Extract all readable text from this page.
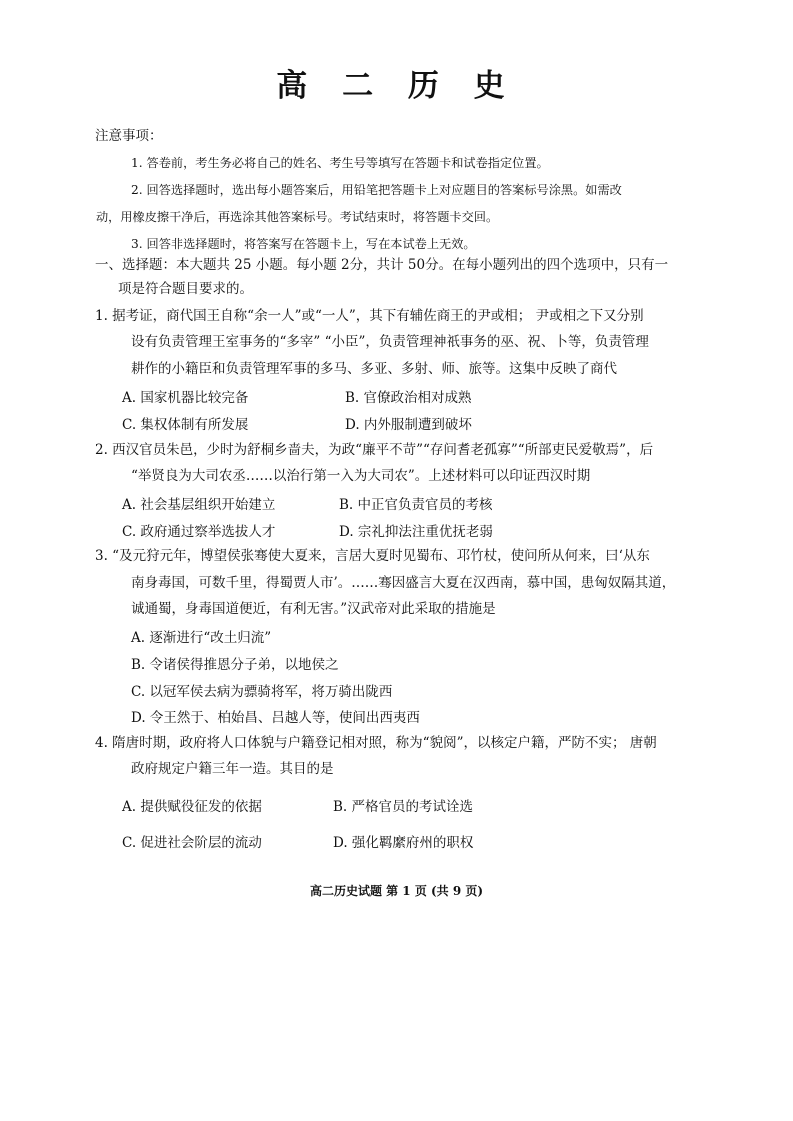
高 二 历 史
注意事项：
1. 答卷前，考生务必将自己的姓名、考生号等填写在答题卡和试卷指定位置。
2. 回答选择题时，选出每小题答案后，用铅笔把答题卡上对应题目的答案标号涂黑。如需改
动，用橡皮擦干净后，再选涂其他答案标号。考试结束时，将答题卡交回。
3. 回答非选择题时，将答案写在答题卡上，写在本试卷上无效。
一、选择题：本大题共 25 小题。每小题 2分，共计 50分。在每小题列出的四个选项中，只有一
项是符合题目要求的。
1. 据考证，商代国王自称“余一人”或“一人”，其下有辅佐商王的尹或相； 尹或相之下又分别
设有负责管理王室事务的“多宰” “小臣”，负责管理神祇事务的巫、祝、卜等，负责管理
耕作的小籍臣和负责管理军事的多马、多亚、多射、师、旅等。这集中反映了商代
A. 国家机器比较完备	B. 官僚政治相对成熟
C. 集权体制有所发展	D. 内外服制遭到破坏
2. 西汉官员朱邑，少时为舒桐乡啬夫，为政“廉平不苛”“存问耆老孤寡”“所部吏民爱敬焉”，后
“举贤良为大司农丞……以治行第一入为大司农”。上述材料可以印证西汉时期
A. 社会基层组织开始建立	B. 中正官负责官员的考核
C. 政府通过察举选拔人才	D. 宗礼抑法注重优抚老弱
3. “及元狩元年，博望侯张骞使大夏来，言居大夏时见蜀布、邛竹杖，使问所从何来，曰‘从东
南身毒国，可数千里，得蜀贾人市’。……骞因盛言大夏在汉西南，慕中国，患匈奴隔其道，
诚通蜀，身毒国道便近，有利无害。”汉武帝对此采取的措施是
A. 逐渐进行“改土归流”
B. 令诸侯得推恩分子弟，以地侯之
C. 以冠军侯去病为骠骑将军，将万骑出陇西
D. 令王然于、柏始昌、吕越人等，使间出西夷西
4. 隋唐时期，政府将人口体貌与户籍登记相对照，称为“貌阅”，以核定户籍，严防不实； 唐朝
政府规定户籍三年一造。其目的是
A. 提供赋役征发的依据	B. 严格官员的考试诠选
C. 促进社会阶层的流动	D. 强化羁縻府州的职权
高二历史试题 第 1 页 (共 9 页)
